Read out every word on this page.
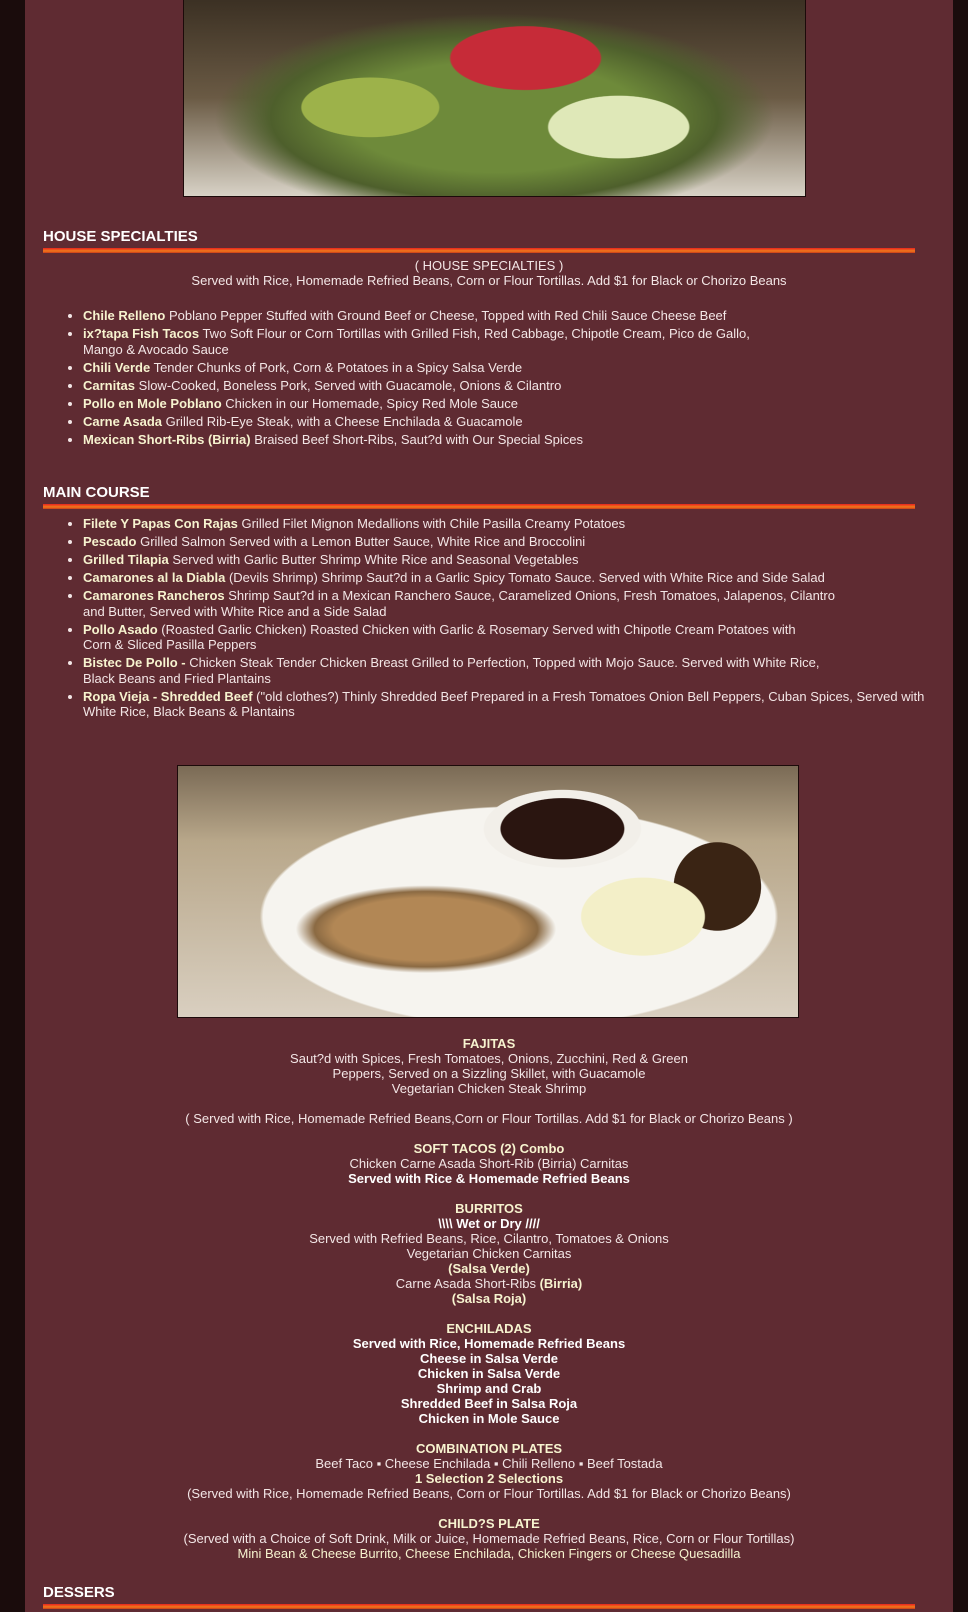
HOUSE SPECIALTIES
( HOUSE SPECIALTIES )
Served with Rice, Homemade Refried Beans, Corn or Flour Tortillas. Add $1 for Black or Chorizo Beans
• Chile Relleno Poblano Pepper Stuffed with Ground Beef or Cheese, Topped with Red Chili Sauce Cheese Beef
• ix?tapa Fish Tacos Two Soft Flour or Corn Tortillas with Grilled Fish, Red Cabbage, Chipotle Cream, Pico de Gallo,
Mango & Avocado Sauce
• Chili Verde Tender Chunks of Pork, Corn & Potatoes in a Spicy Salsa Verde
• Carnitas Slow-Cooked, Boneless Pork, Served with Guacamole, Onions & Cilantro
• Pollo en Mole Poblano Chicken in our Homemade, Spicy Red Mole Sauce
• Carne Asada Grilled Rib-Eye Steak, with a Cheese Enchilada & Guacamole
• Mexican Short-Ribs (Birria) Braised Beef Short-Ribs, Saut?d with Our Special Spices
MAIN COURSE
• Filete Y Papas Con Rajas Grilled Filet Mignon Medallions with Chile Pasilla Creamy Potatoes
• Pescado Grilled Salmon Served with a Lemon Butter Sauce, White Rice and Broccolini
• Grilled Tilapia Served with Garlic Butter Shrimp White Rice and Seasonal Vegetables
• Camarones al la Diabla (Devils Shrimp) Shrimp Saut?d in a Garlic Spicy Tomato Sauce. Served with White Rice and Side Salad
• Camarones Rancheros Shrimp Saut?d in a Mexican Ranchero Sauce, Caramelized Onions, Fresh Tomatoes, Jalapenos, Cilantro
and Butter, Served with White Rice and a Side Salad
• Pollo Asado (Roasted Garlic Chicken) Roasted Chicken with Garlic & Rosemary Served with Chipotle Cream Potatoes with
Corn & Sliced Pasilla Peppers
• Bistec De Pollo - Chicken Steak Tender Chicken Breast Grilled to Perfection, Topped with Mojo Sauce. Served with White Rice,
Black Beans and Fried Plantains
• Ropa Vieja - Shredded Beef ("old clothes?) Thinly Shredded Beef Prepared in a Fresh Tomatoes Onion Bell Peppers, Cuban Spices, Served with
White Rice, Black Beans & Plantains
FAJITAS
Saut?d with Spices, Fresh Tomatoes, Onions, Zucchini, Red & Green
Peppers, Served on a Sizzling Skillet, with Guacamole
Vegetarian Chicken Steak Shrimp

( Served with Rice, Homemade Refried Beans,Corn or Flour Tortillas. Add $1 for Black or Chorizo Beans )

SOFT TACOS (2) Combo
Chicken Carne Asada Short-Rib (Birria) Carnitas
Served with Rice & Homemade Refried Beans

BURRITOS
\\\\ Wet or Dry ////
Served with Refried Beans, Rice, Cilantro, Tomatoes & Onions
Vegetarian Chicken Carnitas
(Salsa Verde)
Carne Asada Short-Ribs (Birria)
(Salsa Roja)

ENCHILADAS
Served with Rice, Homemade Refried Beans
Cheese in Salsa Verde
Chicken in Salsa Verde
Shrimp and Crab
Shredded Beef in Salsa Roja
Chicken in Mole Sauce

COMBINATION PLATES
Beef Taco ▪ Cheese Enchilada ▪ Chili Relleno ▪ Beef Tostada
1 Selection 2 Selections
(Served with Rice, Homemade Refried Beans, Corn or Flour Tortillas. Add $1 for Black or Chorizo Beans)

CHILD?S PLATE
(Served with a Choice of Soft Drink, Milk or Juice, Homemade Refried Beans, Rice, Corn or Flour Tortillas)
Mini Bean & Cheese Burrito, Cheese Enchilada, Chicken Fingers or Cheese Quesadilla
DESSERS
